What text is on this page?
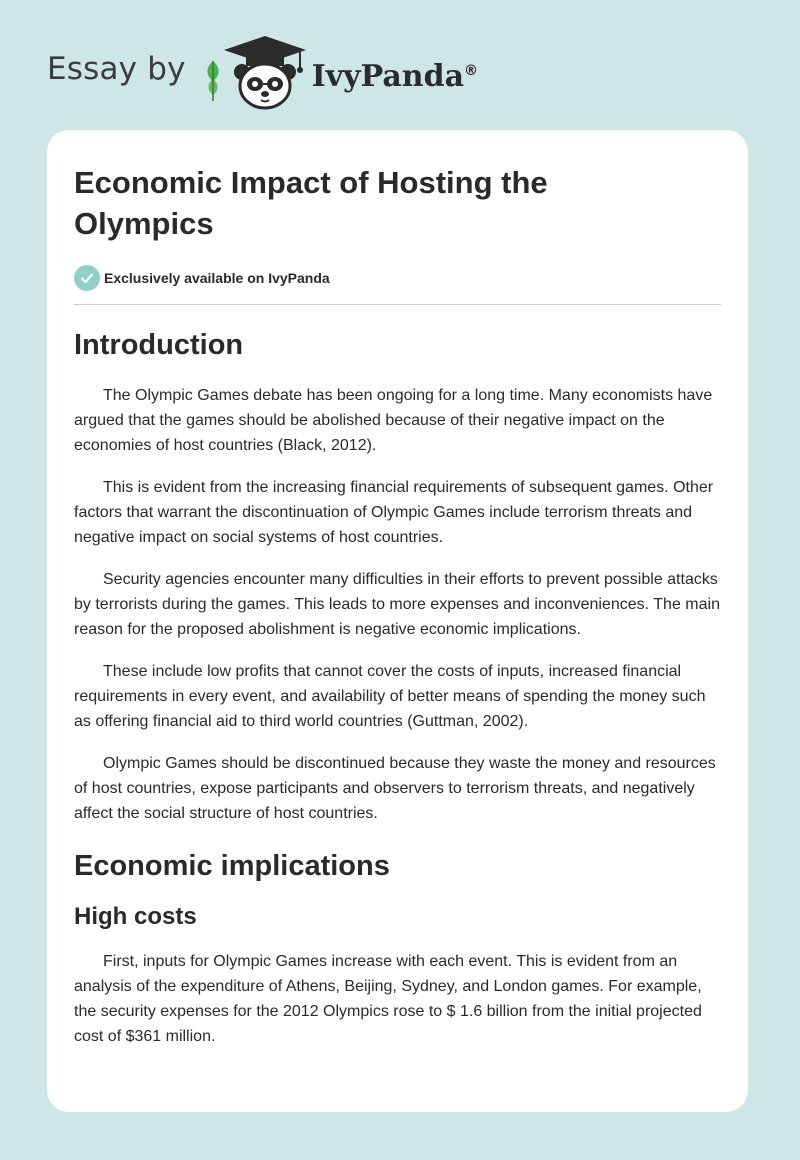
Essay by	IvyPanda®
Economic Impact of Hosting the Olympics
Exclusively available on IvyPanda
Introduction

The Olympic Games debate has been ongoing for a long time. Many economists have argued that the games should be abolished because of their negative impact on the economies of host countries (Black, 2012).

This is evident from the increasing financial requirements of subsequent games. Other factors that warrant the discontinuation of Olympic Games include terrorism threats and negative impact on social systems of host countries.

Security agencies encounter many difficulties in their efforts to prevent possible attacks by terrorists during the games. This leads to more expenses and inconveniences. The main reason for the proposed abolishment is negative economic implications.

These include low profits that cannot cover the costs of inputs, increased financial requirements in every event, and availability of better means of spending the money such as offering financial aid to third world countries (Guttman, 2002).

Olympic Games should be discontinued because they waste the money and resources of host countries, expose participants and observers to terrorism threats, and negatively affect the social structure of host countries.

Economic implications
High costs

First, inputs for Olympic Games increase with each event. This is evident from an analysis of the expenditure of Athens, Beijing, Sydney, and London games. For example, the security expenses for the 2012 Olympics rose to $ 1.6 billion from the initial projected cost of $361 million.
